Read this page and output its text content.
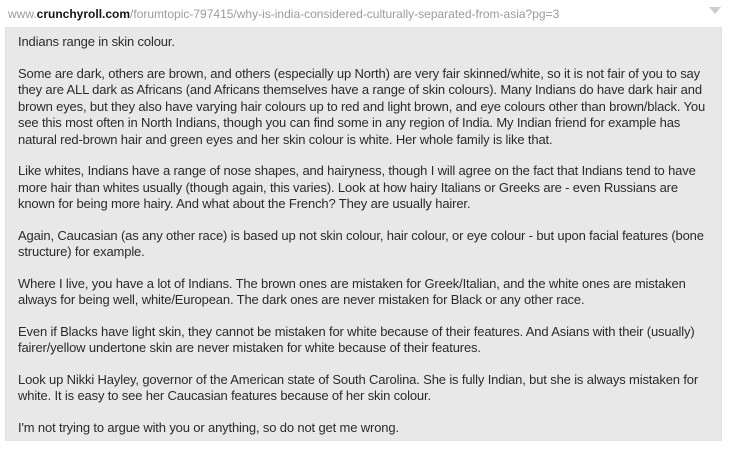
www.crunchyroll.com/forumtopic-797415/why-is-india-considered-culturally-separated-from-asia?pg=3

Indians range in skin colour.

Some are dark, others are brown, and others (especially up North) are very fair skinned/white, so it is not fair of you to say they are ALL dark as Africans (and Africans themselves have a range of skin colours). Many Indians do have dark hair and brown eyes, but they also have varying hair colours up to red and light brown, and eye colours other than brown/black. You see this most often in North Indians, though you can find some in any region of India. My Indian friend for example has natural red-brown hair and green eyes and her skin colour is white. Her whole family is like that.

Like whites, Indians have a range of nose shapes, and hairyness, though I will agree on the fact that Indians tend to have more hair than whites usually (though again, this varies). Look at how hairy Italians or Greeks are - even Russians are known for being more hairy. And what about the French? They are usually hairer.

Again, Caucasian (as any other race) is based up not skin colour, hair colour, or eye colour - but upon facial features (bone structure) for example.

Where I live, you have a lot of Indians. The brown ones are mistaken for Greek/Italian, and the white ones are mistaken always for being well, white/European. The dark ones are never mistaken for Black or any other race.

Even if Blacks have light skin, they cannot be mistaken for white because of their features. And Asians with their (usually) fairer/yellow undertone skin are never mistaken for white because of their features.

Look up Nikki Hayley, governor of the American state of South Carolina. She is fully Indian, but she is always mistaken for white. It is easy to see her Caucasian features because of her skin colour.

I'm not trying to argue with you or anything, so do not get me wrong.
